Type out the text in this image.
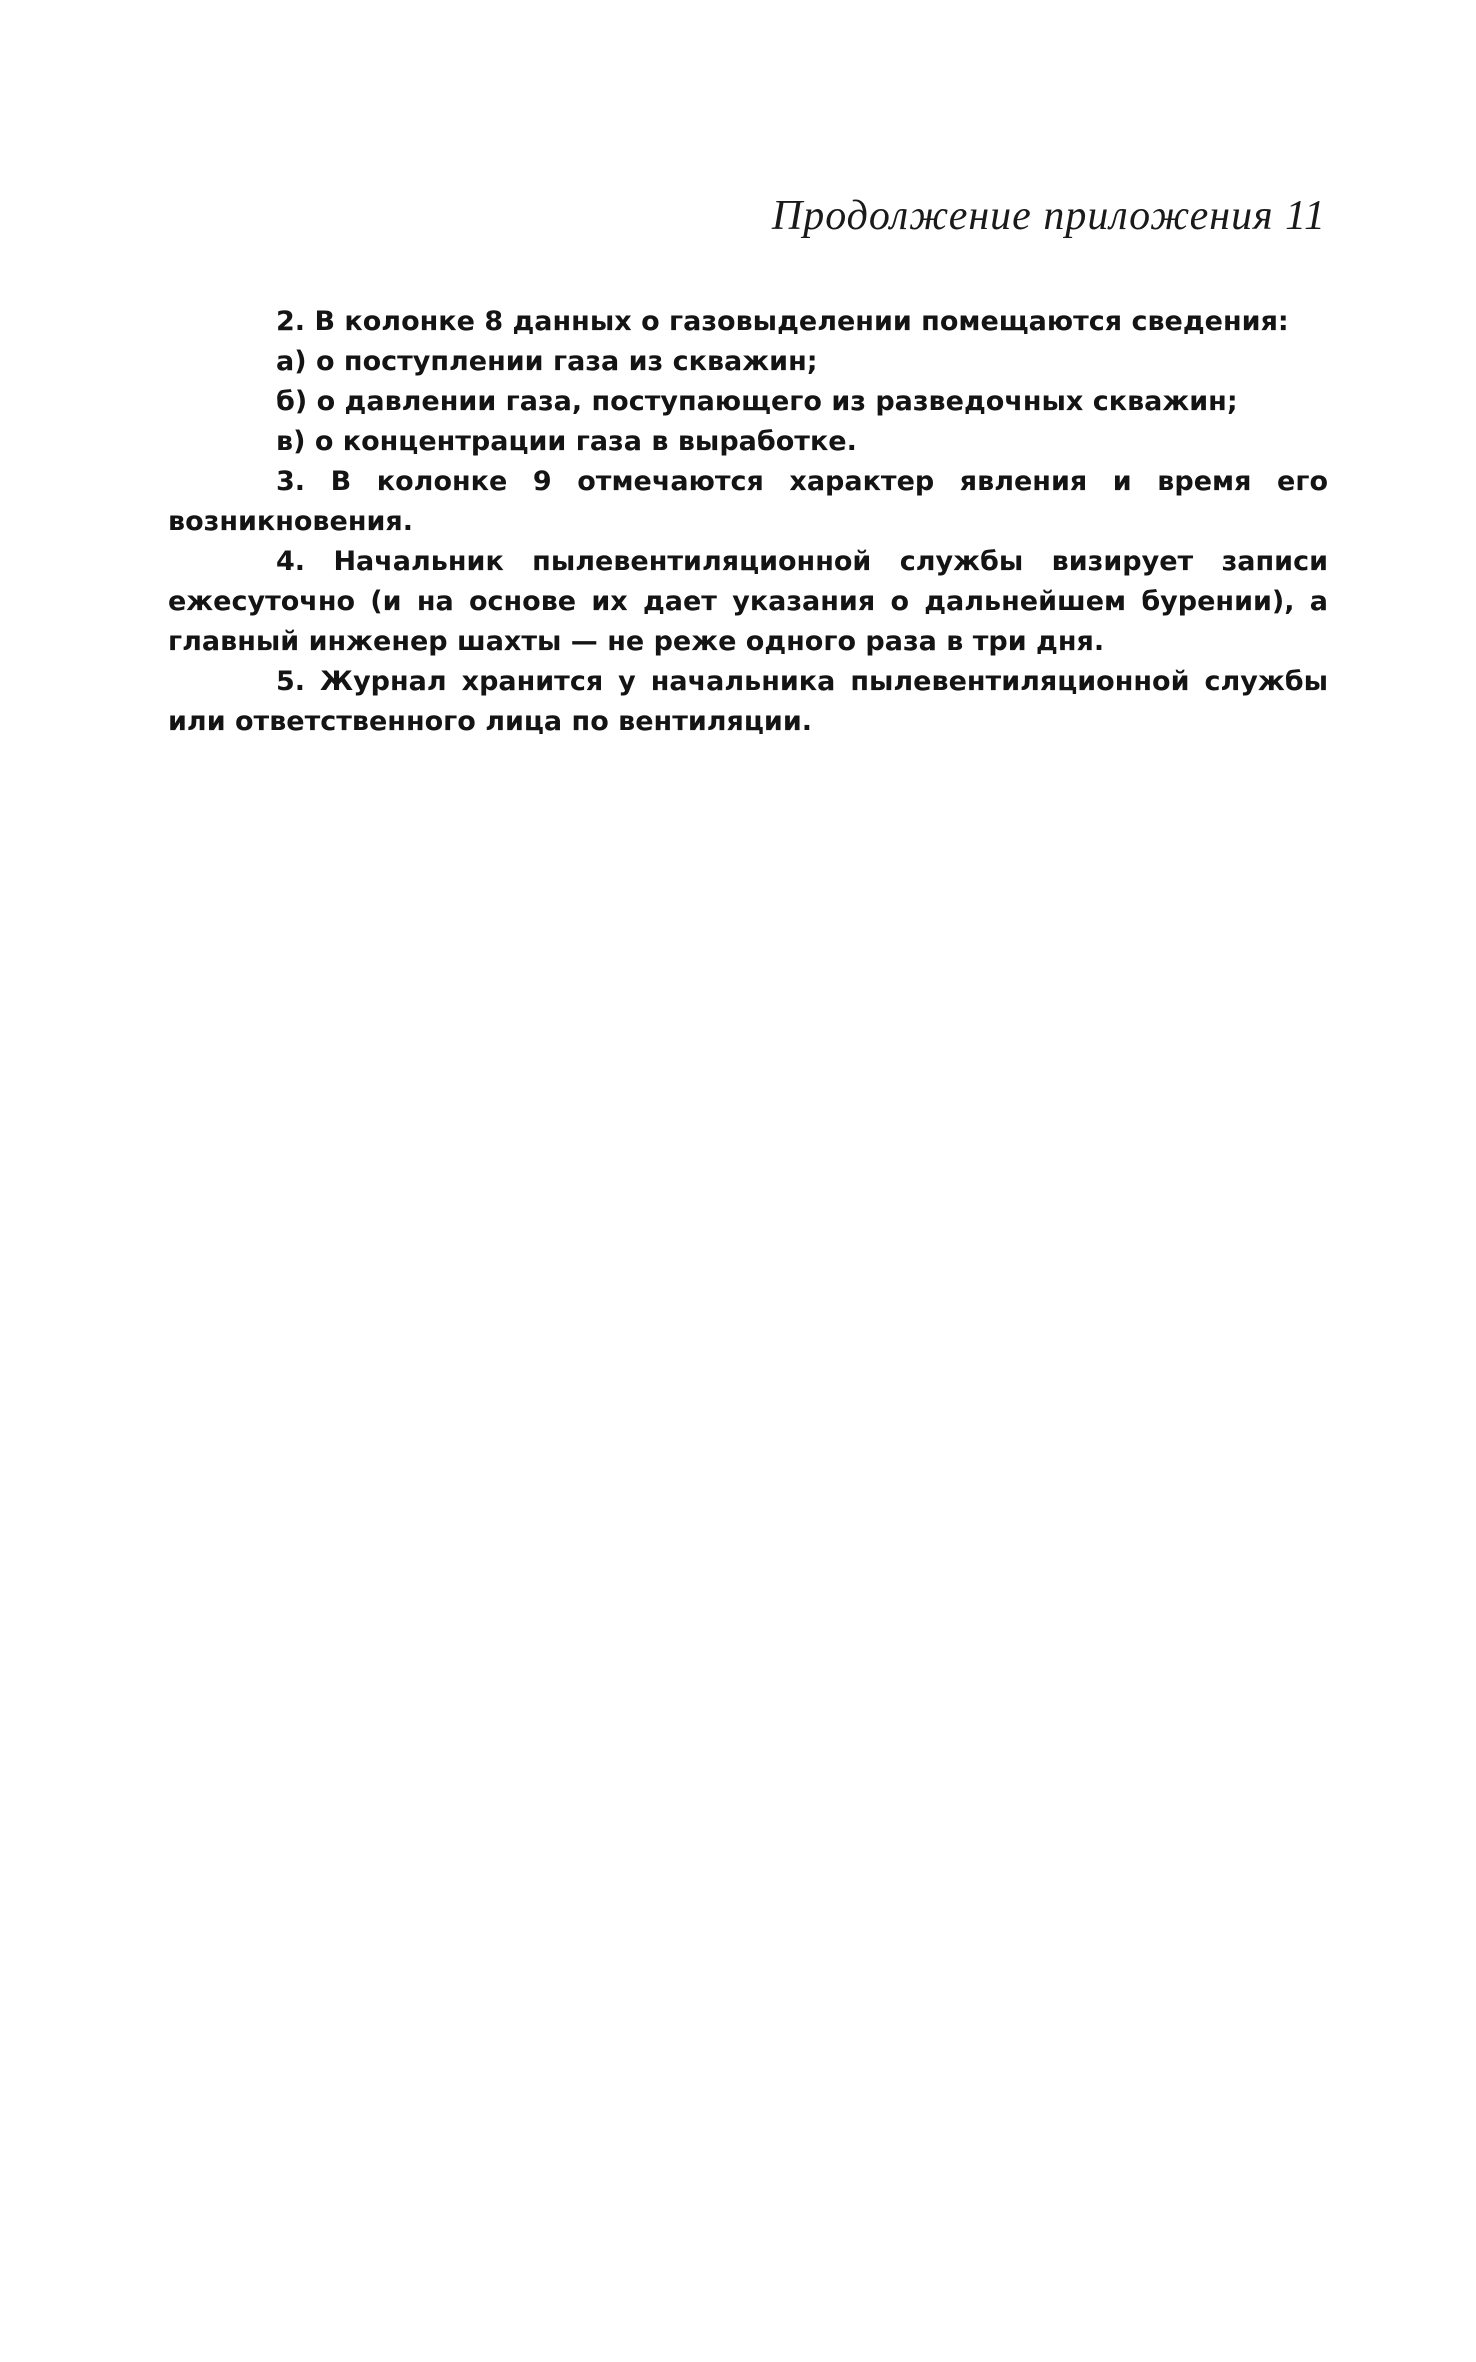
Продолжение приложения 11

2. В колонке 8 данных о газовыделении помещаются сведения:

а) о поступлении газа из скважин;

б) о давлении газа, поступающего из разведочных скважин;

в) о концентрации газа в выработке.

3. В колонке 9 отмечаются характер явления и время его возникновения.

4. Начальник пылевентиляционной службы визирует записи ежесуточно (и на основе их дает указания о дальнейшем бурении), а главный инженер шахты — не реже одного раза в три дня.

5. Журнал хранится у начальника пылевентиляционной службы или ответственного лица по вентиляции.
